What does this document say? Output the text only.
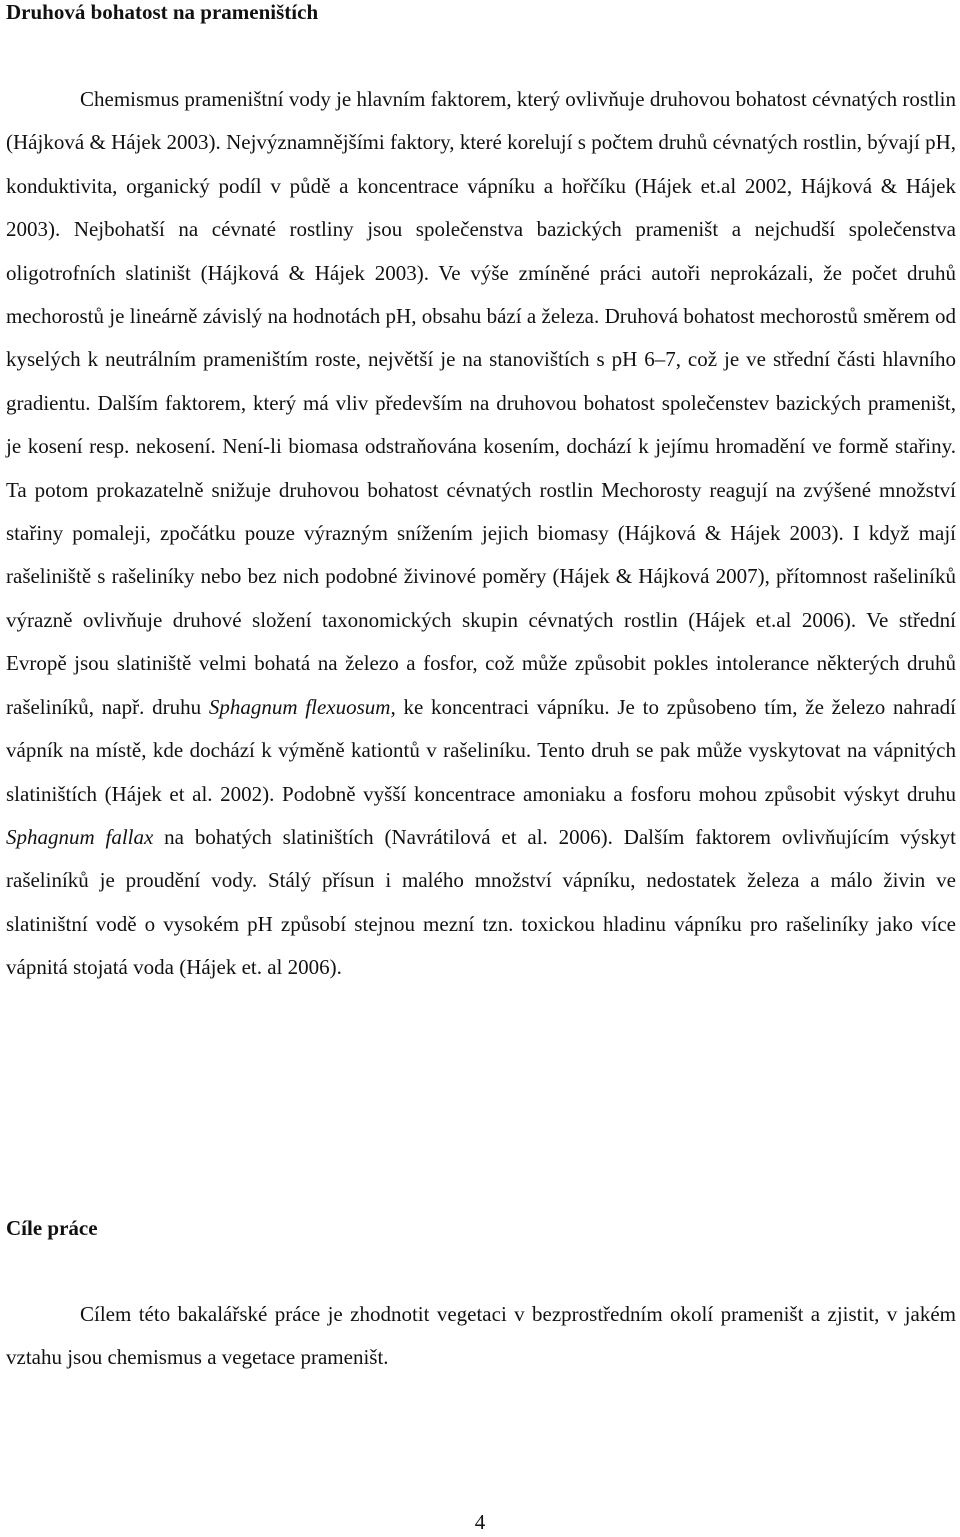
Druhová bohatost na prameništích

Chemismus prameništní vody je hlavním faktorem, který ovlivňuje druhovou bohatost cévnatých rostlin (Hájková & Hájek 2003). Nejvýznamnějšími faktory, které korelují s počtem druhů cévnatých rostlin, bývají pH, konduktivita, organický podíl v půdě a koncentrace vápníku a hořčíku (Hájek et.al 2002, Hájková & Hájek 2003). Nejbohatší na cévnaté rostliny jsou společenstva bazických prameništ a nejchudší společenstva oligotrofních slatiništ (Hájková & Hájek 2003). Ve výše zmíněné práci autoři neprokázali, že počet druhů mechorostů je lineárně závislý na hodnotách pH, obsahu bází a železa. Druhová bohatost mechorostů směrem od kyselých k neutrálním prameništím roste, největší je na stanovištích s pH 6–7, což je ve střední části hlavního gradientu. Dalším faktorem, který má vliv především na druhovou bohatost společenstev bazických prameništ, je kosení resp. nekosení. Není-li biomasa odstraňována kosením, dochází k jejímu hromadění ve formě stařiny. Ta potom prokazatelně snižuje druhovou bohatost cévnatých rostlin Mechorosty reagují na zvýšené množství stařiny pomaleji, zpočátku pouze výrazným snížením jejich biomasy (Hájková & Hájek 2003). I když mají rašeliniště s rašeliníky nebo bez nich podobné živinové poměry (Hájek & Hájková 2007), přítomnost rašeliníků výrazně ovlivňuje druhové složení taxonomických skupin cévnatých rostlin (Hájek et.al 2006). Ve střední Evropě jsou slatiniště velmi bohatá na železo a fosfor, což může způsobit pokles intolerance některých druhů rašeliníků, např. druhu Sphagnum flexuosum, ke koncentraci vápníku. Je to způsobeno tím, že železo nahradí vápník na místě, kde dochází k výměně kationtů v rašeliníku. Tento druh se pak může vyskytovat na vápnitých slatiništích (Hájek et al. 2002). Podobně vyšší koncentrace amoniaku a fosforu mohou způsobit výskyt druhu Sphagnum fallax na bohatých slatiništích (Navrátilová et al. 2006). Dalším faktorem ovlivňujícím výskyt rašeliníků je proudění vody. Stálý přísun i malého množství vápníku, nedostatek železa a málo živin ve slatiništní vodě o vysokém pH způsobí stejnou mezní tzn. toxickou hladinu vápníku pro rašeliníky jako více vápnitá stojatá voda (Hájek et. al 2006).

Cíle práce

Cílem této bakalářské práce je zhodnotit vegetaci v bezprostředním okolí prameništ a zjistit, v jakém vztahu jsou chemismus a vegetace prameništ.

4
